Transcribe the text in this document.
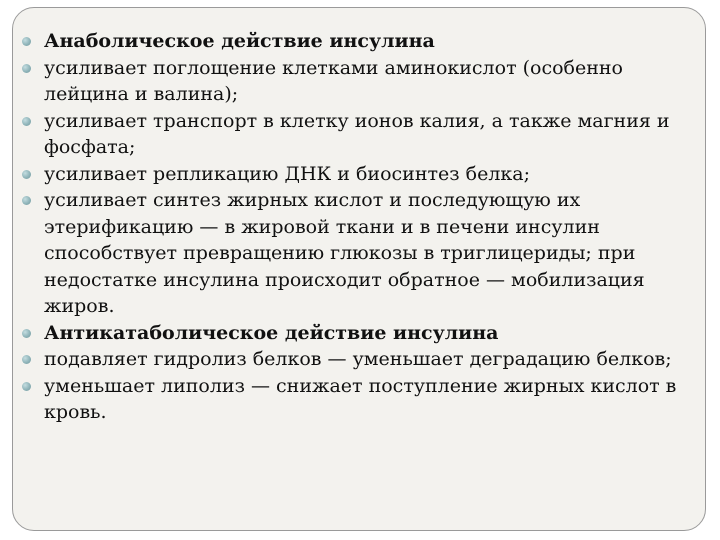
Анаболическое действие инсулина
усиливает поглощение клетками аминокислот (особенно лейцина и валина);
усиливает транспорт в клетку ионов калия, а также магния и фосфата;
усиливает репликацию ДНК и биосинтез белка;
усиливает синтез жирных кислот и последующую их этерификацию — в жировой ткани и в печени инсулин способствует превращению глюкозы в триглицериды; при недостатке инсулина происходит обратное — мобилизация жиров.
Антикатаболическое действие инсулина
подавляет гидролиз белков — уменьшает деградацию белков;
уменьшает липолиз — снижает поступление жирных кислот в кровь.
